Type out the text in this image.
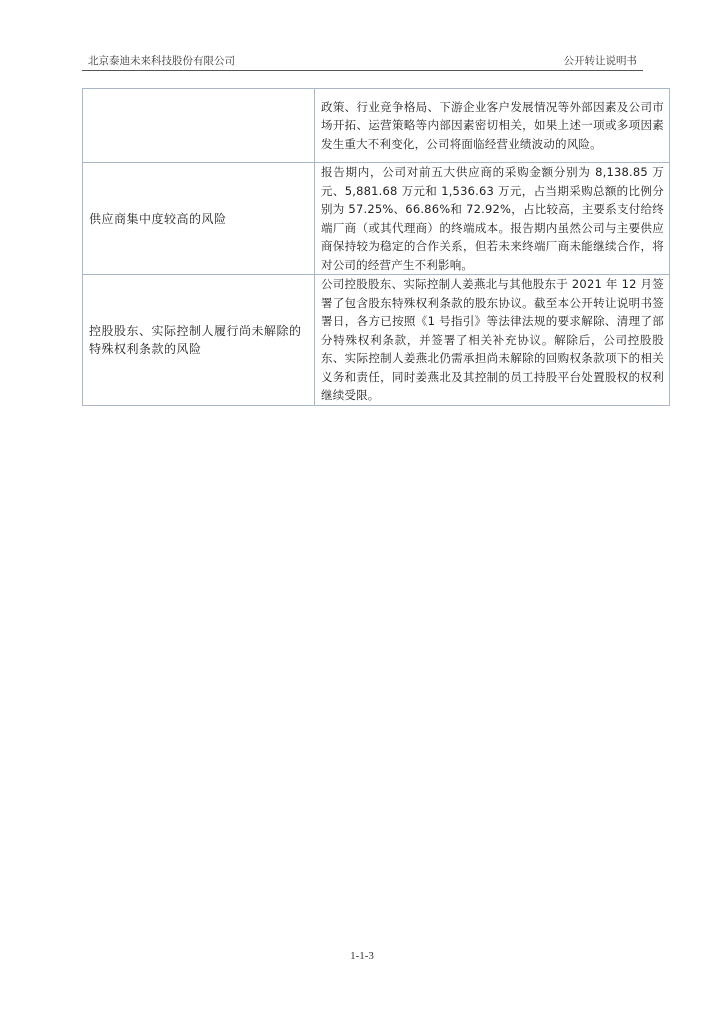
北京泰迪未来科技股份有限公司	公开转让说明书
	政策、行业竞争格局、下游企业客户发展情况等外部因素及公司市场开拓、运营策略等内部因素密切相关，如果上述一项或多项因素发生重大不利变化，公司将面临经营业绩波动的风险。
供应商集中度较高的风险	报告期内，公司对前五大供应商的采购金额分别为 8,138.85 万元、5,881.68 万元和 1,536.63 万元，占当期采购总额的比例分别为 57.25%、66.86%和 72.92%，占比较高，主要系支付给终端厂商（或其代理商）的终端成本。报告期内虽然公司与主要供应商保持较为稳定的合作关系，但若未来终端厂商未能继续合作，将对公司的经营产生不利影响。
控股股东、实际控制人履行尚未解除的特殊权利条款的风险	公司控股股东、实际控制人姜燕北与其他股东于 2021 年 12 月签署了包含股东特殊权利条款的股东协议。截至本公开转让说明书签署日，各方已按照《1 号指引》等法律法规的要求解除、清理了部分特殊权利条款，并签署了相关补充协议。解除后，公司控股股东、实际控制人姜燕北仍需承担尚未解除的回购权条款项下的相关义务和责任，同时姜燕北及其控制的员工持股平台处置股权的权利继续受限。
1-1-3
